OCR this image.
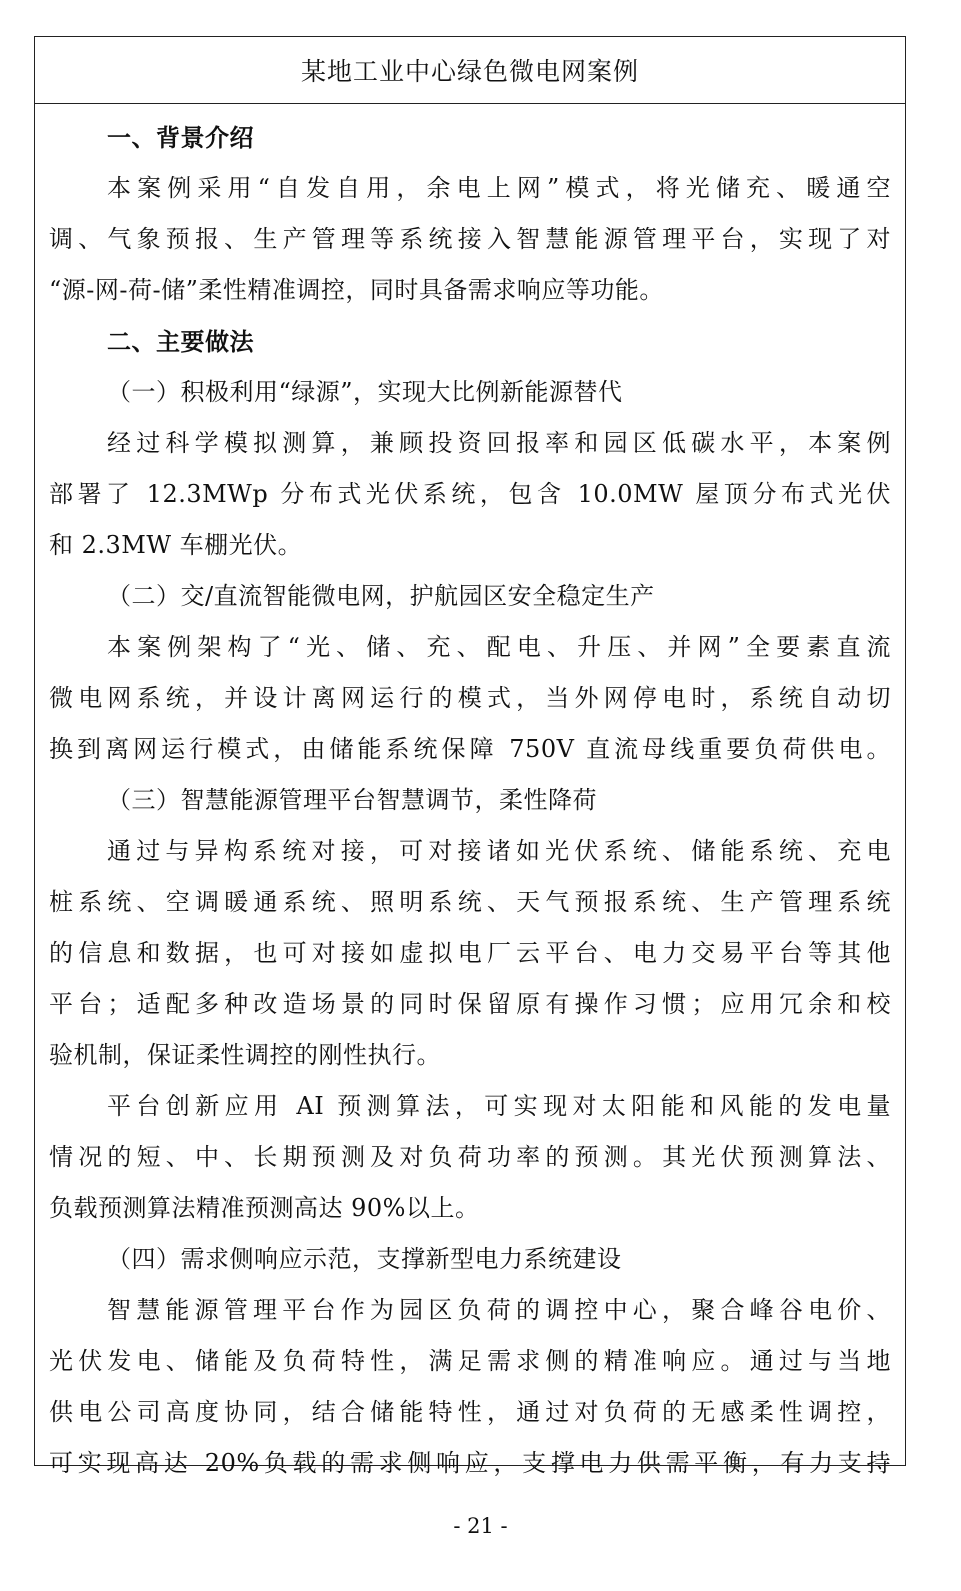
某地工业中心绿色微电网案例

一、背景介绍

本案例采用“自发自用，余电上网”模式，将光储充、暖通空

调、气象预报、生产管理等系统接入智慧能源管理平台，实现了对

“源-网-荷-储”柔性精准调控，同时具备需求响应等功能。

二、主要做法

（一）积极利用“绿源”，实现大比例新能源替代

经过科学模拟测算，兼顾投资回报率和园区低碳水平，本案例

部署了 12.3MWp 分布式光伏系统，包含 10.0MW 屋顶分布式光伏

和 2.3MW 车棚光伏。

（二）交/直流智能微电网，护航园区安全稳定生产

本案例架构了“光、储、充、配电、升压、并网”全要素直流

微电网系统，并设计离网运行的模式，当外网停电时，系统自动切

换到离网运行模式，由储能系统保障 750V 直流母线重要负荷供电。

（三）智慧能源管理平台智慧调节，柔性降荷

通过与异构系统对接，可对接诸如光伏系统、储能系统、充电

桩系统、空调暖通系统、照明系统、天气预报系统、生产管理系统

的信息和数据，也可对接如虚拟电厂云平台、电力交易平台等其他

平台；适配多种改造场景的同时保留原有操作习惯；应用冗余和校

验机制，保证柔性调控的刚性执行。

平台创新应用 AI 预测算法，可实现对太阳能和风能的发电量

情况的短、中、长期预测及对负荷功率的预测。其光伏预测算法、

负载预测算法精准预测高达 90%以上。

（四）需求侧响应示范，支撑新型电力系统建设

智慧能源管理平台作为园区负荷的调控中心，聚合峰谷电价、

光伏发电、储能及负荷特性，满足需求侧的精准响应。通过与当地

供电公司高度协同，结合储能特性，通过对负荷的无感柔性调控，

可实现高达 20%负载的需求侧响应，支撑电力供需平衡，有力支持

- 21 -
